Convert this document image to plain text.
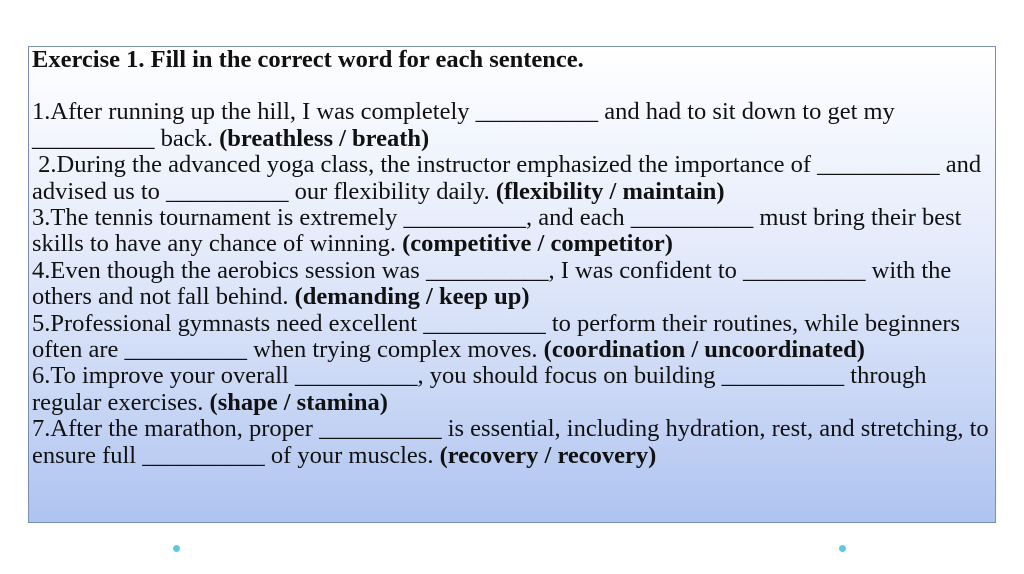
Exercise 1. Fill in the correct word for each sentence.

1.After running up the hill, I was completely __________ and had to sit down to get my __________ back. (breathless / breath)

2.During the advanced yoga class, the instructor emphasized the importance of __________ and advised us to __________ our flexibility daily. (flexibility / maintain)

3.The tennis tournament is extremely __________, and each __________ must bring their best skills to have any chance of winning. (competitive / competitor)

4.Even though the aerobics session was __________, I was confident to __________ with the others and not fall behind. (demanding / keep up)

5.Professional gymnasts need excellent __________ to perform their routines, while beginners often are __________ when trying complex moves. (coordination / uncoordinated)

6.To improve your overall __________, you should focus on building __________ through regular exercises. (shape / stamina)

7.After the marathon, proper __________ is essential, including hydration, rest, and stretching, to ensure full __________ of your muscles. (recovery / recovery)
